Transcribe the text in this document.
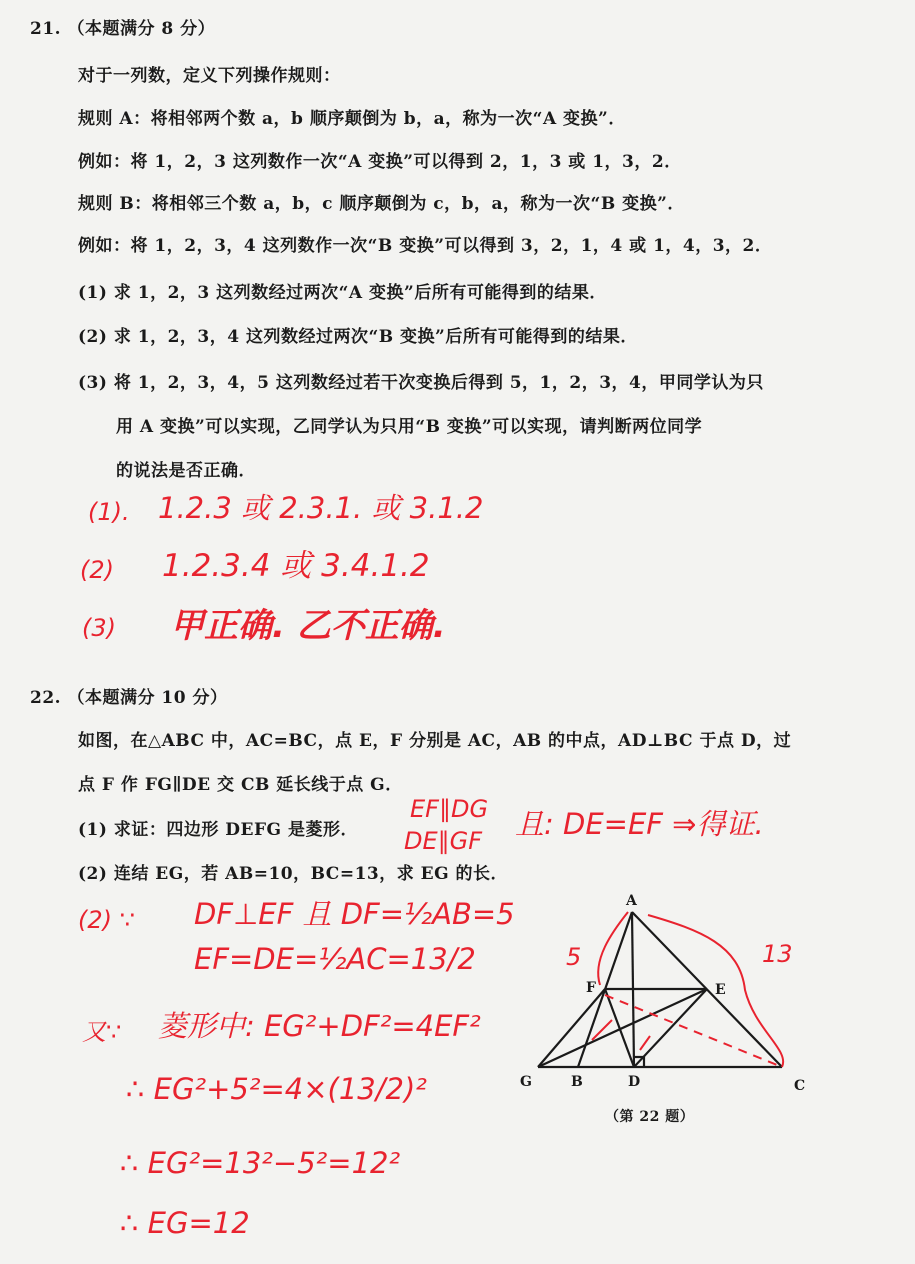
21. （本题满分 8 分）
对于一列数，定义下列操作规则：
规则 A：将相邻两个数 a，b 顺序颠倒为 b，a，称为一次“A 变换”．
例如：将 1，2，3 这列数作一次“A 变换”可以得到 2，1，3 或 1，3，2．
规则 B：将相邻三个数 a，b，c 顺序颠倒为 c，b，a，称为一次“B 变换”．
例如：将 1，2，3，4 这列数作一次“B 变换”可以得到 3，2，1，4 或 1，4，3，2．
(1) 求 1，2，3 这列数经过两次“A 变换”后所有可能得到的结果．
(2) 求 1，2，3，4 这列数经过两次“B 变换”后所有可能得到的结果．
(3) 将 1，2，3，4，5 这列数经过若干次变换后得到 5，1，2，3，4，甲同学认为只
用 A 变换”可以实现，乙同学认为只用“B 变换”可以实现，请判断两位同学
的说法是否正确．
(1). 1.2.3 或 2.3.1. 或 3.1.2
(2) 1.2.3.4 或 3.4.1.2
(3) 甲正确. 乙不正确.
22. （本题满分 10 分）
如图，在△ABC 中，AC=BC，点 E，F 分别是 AC，AB 的中点，AD⊥BC 于点 D，过
点 F 作 FG∥DE 交 CB 延长线于点 G．
(1) 求证：四边形 DEFG 是菱形．
(2) 连结 EG，若 AB=10，BC=13，求 EG 的长．
EF∥DG
DE∥GF 且: DE=EF ⇒得证.
(2) ∵ DF⊥EF 且 DF=½AB=5
EF=DE=½AC=13/2
又∵ 菱形中: EG²+DF²=4EF²
∴ EG²+5²=4×(13/2)²
∴ EG²=13²−5²=12²
∴ EG=12
5	13
A
F	E
G	B	D	C
（第 22 题）
